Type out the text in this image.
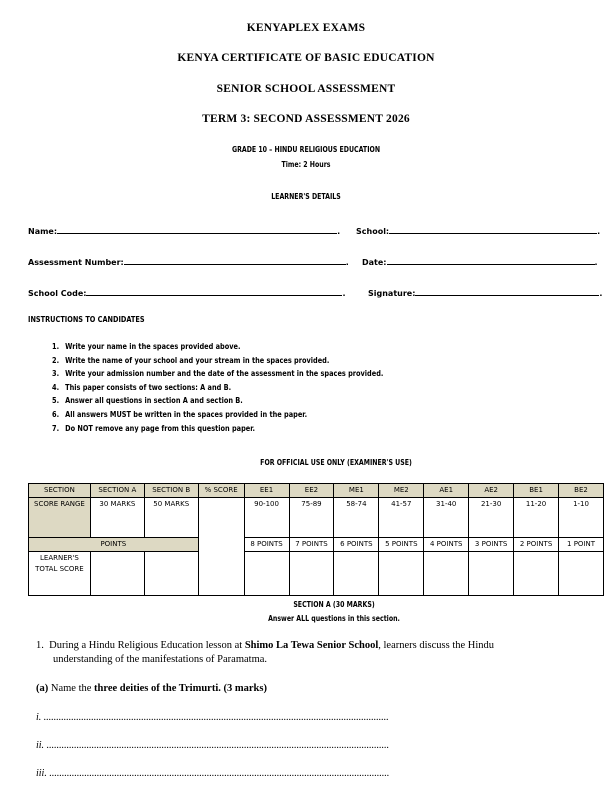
KENYAPLEX EXAMS
KENYA CERTIFICATE OF BASIC EDUCATION
SENIOR SCHOOL ASSESSMENT
TERM 3: SECOND ASSESSMENT 2026
GRADE 10 – HINDU RELIGIOUS EDUCATION
Time: 2 Hours
LEARNER'S DETAILS
Name:	. School:	.
Assessment Number:	. Date:	.
School Code:	.	Signature:	.
INSTRUCTIONS TO CANDIDATES
1. Write your name in the spaces provided above.
2. Write the name of your school and your stream in the spaces provided.
3. Write your admission number and the date of the assessment in the spaces provided.
4. This paper consists of two sections: A and B.
5. Answer all questions in section A and section B.
6. All answers MUST be written in the spaces provided in the paper.
7. Do NOT remove any page from this question paper.
FOR OFFICIAL USE ONLY (EXAMINER'S USE)
SECTION	SECTION A	SECTION B	% SCORE	EE1	EE2	ME1	ME2	AE1	AE2	BE1	BE2
SCORE RANGE	30 MARKS	50 MARKS		90-100	75-89	58-74	41-57	31-40	21-30	11-20	1-10
POINTS				8 POINTS	7 POINTS	6 POINTS	5 POINTS	4 POINTS	3 POINTS	2 POINTS	1 POINT
LEARNER'S TOTAL SCORE											
SECTION A (30 MARKS)
Answer ALL questions in this section.
1. During a Hindu Religious Education lesson at Shimo La Tewa Senior School, learners discuss the Hindu
understanding of the manifestations of Paramatma.
(a) Name the three deities of the Trimurti. (3 marks)
i. ..........................................................................................................................................
ii. .........................................................................................................................................
iii. ........................................................................................................................................
